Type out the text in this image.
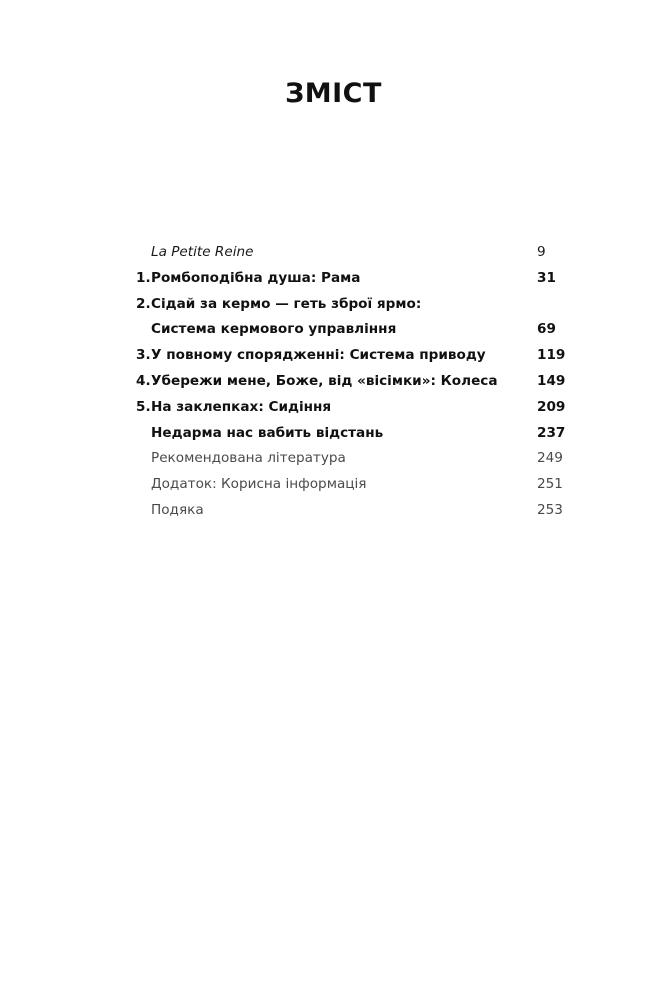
ЗМІСТ
La Petite Reine	9
1. Ромбоподібна душа: Рама	31
2. Сідай за кермо — геть зброї ярмо:
Система кермового управління	69
3. У повному спорядженні: Система приводу	119
4. Убережи мене, Боже, від «вісімки»: Колеса	149
5. На заклепках: Сидіння	209
Недарма нас вабить відстань	237
Рекомендована література	249
Додаток: Корисна інформація	251
Подяка	253
